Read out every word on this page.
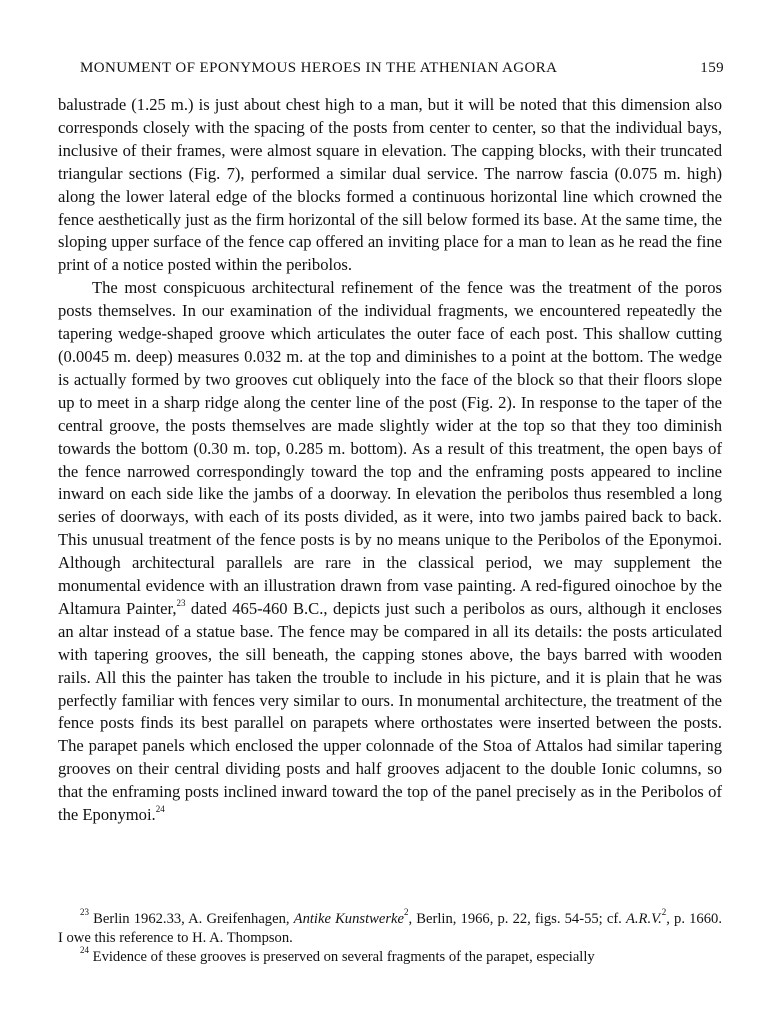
MONUMENT OF EPONYMOUS HEROES IN THE ATHENIAN AGORA	159

balustrade (1.25 m.) is just about chest high to a man, but it will be noted that this dimension also corresponds closely with the spacing of the posts from center to center, so that the individual bays, inclusive of their frames, were almost square in elevation. The capping blocks, with their truncated triangular sections (Fig. 7), performed a similar dual service. The narrow fascia (0.075 m. high) along the lower lateral edge of the blocks formed a continuous horizontal line which crowned the fence aesthetically just as the firm horizontal of the sill below formed its base. At the same time, the sloping upper surface of the fence cap offered an inviting place for a man to lean as he read the fine print of a notice posted within the peribolos.

The most conspicuous architectural refinement of the fence was the treatment of the poros posts themselves. In our examination of the individual fragments, we encountered repeatedly the tapering wedge-shaped groove which articulates the outer face of each post. This shallow cutting (0.0045 m. deep) measures 0.032 m. at the top and diminishes to a point at the bottom. The wedge is actually formed by two grooves cut obliquely into the face of the block so that their floors slope up to meet in a sharp ridge along the center line of the post (Fig. 2). In response to the taper of the central groove, the posts themselves are made slightly wider at the top so that they too diminish towards the bottom (0.30 m. top, 0.285 m. bottom). As a result of this treatment, the open bays of the fence narrowed correspondingly toward the top and the enframing posts appeared to incline inward on each side like the jambs of a doorway. In elevation the peribolos thus resembled a long series of doorways, with each of its posts divided, as it were, into two jambs paired back to back. This unusual treatment of the fence posts is by no means unique to the Peribolos of the Eponymoi. Although architectural parallels are rare in the classical period, we may supplement the monumental evidence with an illustration drawn from vase painting. A red-figured oinochoe by the Altamura Painter,$^{23}$ dated 465-460 B.C., depicts just such a peribolos as ours, although it encloses an altar instead of a statue base. The fence may be compared in all its details: the posts articulated with tapering grooves, the sill beneath, the capping stones above, the bays barred with wooden rails. All this the painter has taken the trouble to include in his picture, and it is plain that he was perfectly familiar with fences very similar to ours. In monumental architecture, the treatment of the fence posts finds its best parallel on parapets where orthostates were inserted between the posts. The parapet panels which enclosed the upper colonnade of the Stoa of Attalos had similar tapering grooves on their central dividing posts and half grooves adjacent to the double Ionic columns, so that the enframing posts inclined inward toward the top of the panel precisely as in the Peribolos of the Eponymoi.$^{24}$

$^{23}$ Berlin 1962.33, A. Greifenhagen, Antike Kunstwerke$^2$, Berlin, 1966, p. 22, figs. 54-55; cf. A.R.V.$^2$, p. 1660. I owe this reference to H. A. Thompson.

$^{24}$ Evidence of these grooves is preserved on several fragments of the parapet, especially
